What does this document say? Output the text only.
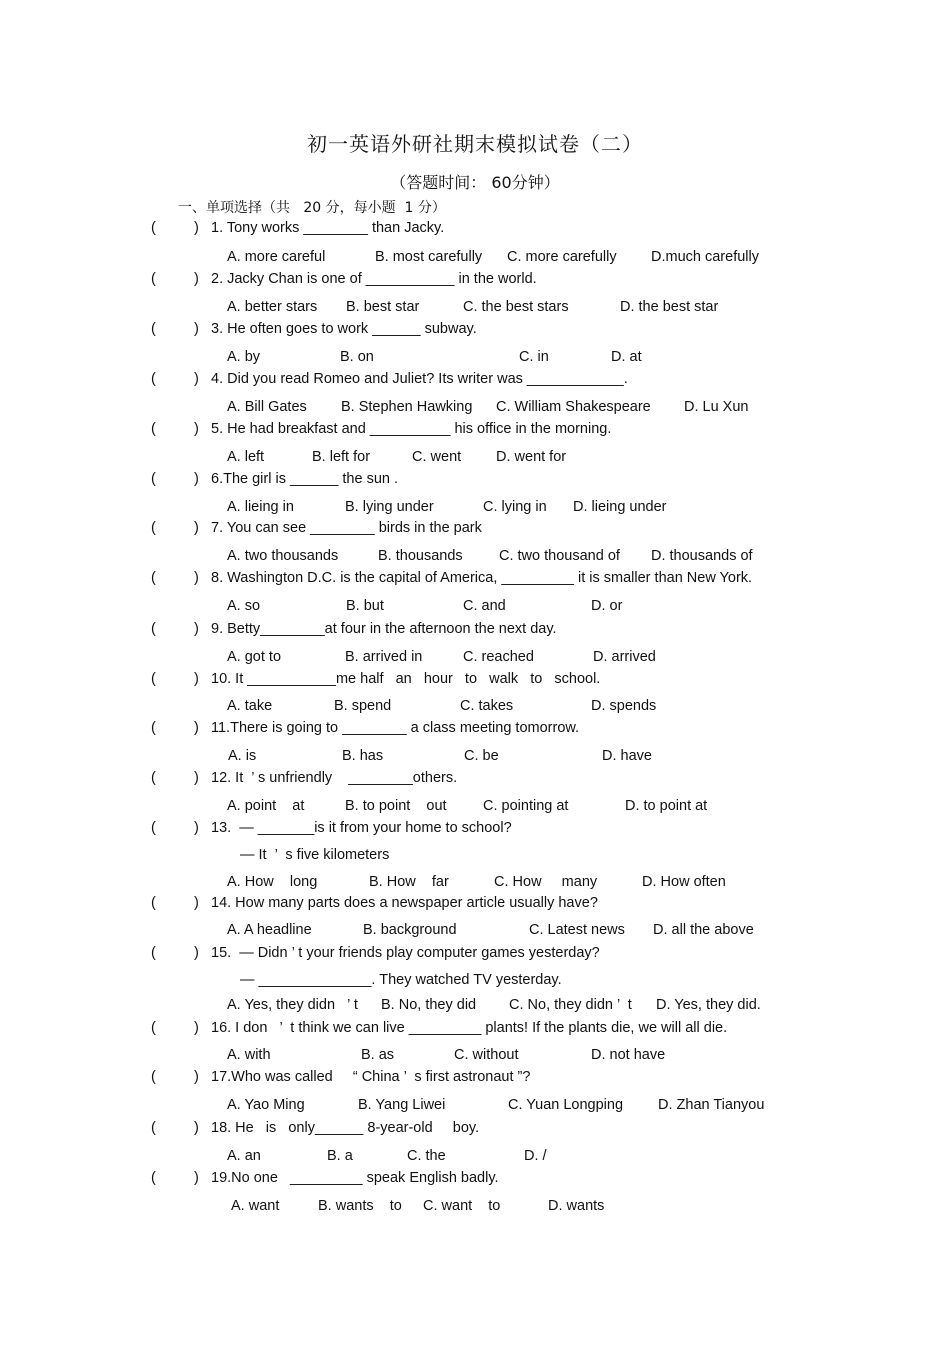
初一英语外研社期末模拟试卷（二）
（答题时间： 60分钟）
一、单项选择（共   20 分，每小题  1 分）
(	) 1. Tony works ________ than Jacky.
A. more careful	B. most carefully C. more carefully D.much carefully
(	) 2. Jacky Chan is one of ___________ in the world.
A. better stars B. best star	C. the best stars	D. the best star
(	) 3. He often goes to work ______ subway.
A. by	B. on	C. in	D. at
(	) 4. Did you read Romeo and Juliet? Its writer was ____________.
A. Bill Gates B. Stephen Hawking C. William Shakespeare D. Lu Xun
(	) 5. He had breakfast and __________ his office in the morning.
A. left	B. left for	C. went D. went for
(	) 6.The girl is ______ the sun .
A. lieing in	B. lying under	C. lying in D. lieing under
(	) 7. You can see ________ birds in the park
A. two thousands	B. thousands	C. two thousand of D. thousands of
(	) 8. Washington D.C. is the capital of America, _________ it is smaller than New York.
A. so	B. but	C. and	D. or
(	) 9. Betty________at four in the afternoon the next day.
A. got to	B. arrived in	C. reached	D. arrived
(	) 10. It ___________me half   an   hour   to   walk   to   school.
A. take	B. spend	C. takes	D. spends
(	) 11.There is going to ________ a class meeting tomorrow.
A. is	B. has	C. be	D. have
(	) 12. It  ’ s unfriendly    ________others.
A. point    at	B. to point    out	C. pointing at	D. to point at
(	) 13.  — _______is it from your home to school?
— It  ’  s five kilometers
A. How    long	B. How    far	C. How     many	D. How often
(	) 14. How many parts does a newspaper article usually have?
A. A headline	B. background	C. Latest news D. all the above
(	) 15.  — Didn ’ t your friends play computer games yesterday?
— ______________. They watched TV yesterday.
A. Yes, they didn   ’ t B. No, they did C. No, they didn ’  t D. Yes, they did.
(	) 16. I don   ’  t think we can live _________ plants! If the plants die, we will all die.
A. with	B. as	C. without	D. not have
(	) 17.Who was called     “ China ’  s first astronaut ”?
A. Yao Ming	B. Yang Liwei	C. Yuan Longping D. Zhan Tianyou
(	) 18. He   is   only______ 8-year-old     boy.
A. an	B. a	C. the	D. /
(	) 19.No one   _________ speak English badly.
A. want	B. wants    to C. want    to	D. wants
